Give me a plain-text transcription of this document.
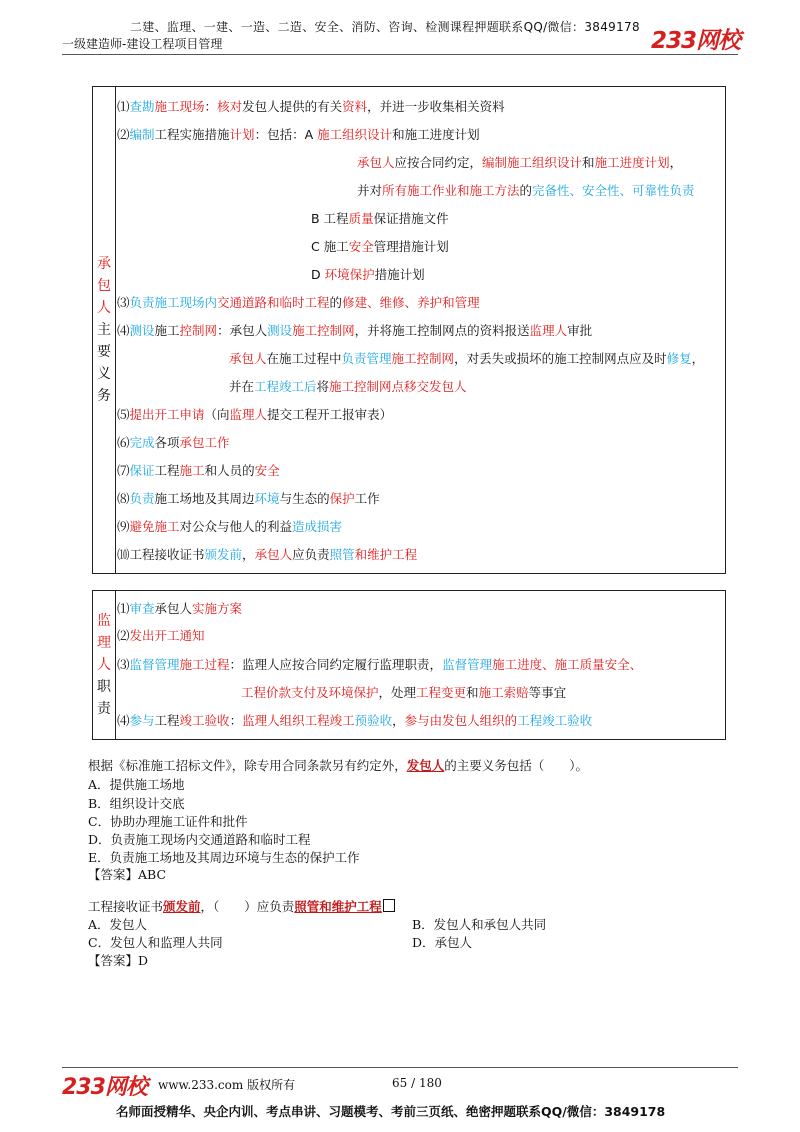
二建、监理、一建、一造、二造、安全、消防、咨询、检测课程押题联系QQ/微信：3849178
一级建造师-建设工程项目管理	233网校
承
包
人
主
要
义
务
⑴查勘施工现场：核对发包人提供的有关资料，并进一步收集相关资料
⑵编制工程实施措施计划：包括：A 施工组织设计和施工进度计划
承包人应按合同约定，编制施工组织设计和施工进度计划，
并对所有施工作业和施工方法的完备性、安全性、可靠性负责
B 工程质量保证措施文件
C 施工安全管理措施计划
D 环境保护措施计划
⑶负责施工现场内交通道路和临时工程的修建、维修、养护和管理
⑷测设施工控制网：承包人测设施工控制网，并将施工控制网点的资料报送监理人审批
承包人在施工过程中负责管理施工控制网，对丢失或损坏的施工控制网点应及时修复，
并在工程竣工后将施工控制网点移交发包人
⑸提出开工申请（向监理人提交工程开工报审表）
⑹完成各项承包工作
⑺保证工程施工和人员的安全
⑻负责施工场地及其周边环境与生态的保护工作
⑼避免施工对公众与他人的利益造成损害
⑽工程接收证书颁发前，承包人应负责照管和维护工程
监
理
人
职
责
⑴审查承包人实施方案
⑵发出开工通知
⑶监督管理施工过程：监理人应按合同约定履行监理职责，监督管理施工进度、施工质量安全、
工程价款支付及环境保护，处理工程变更和施工索赔等事宜
⑷参与工程竣工验收：监理人组织工程竣工预验收，参与由发包人组织的工程竣工验收
根据《标准施工招标文件》，除专用合同条款另有约定外，发包人的主要义务包括（　　）。
A．提供施工场地
B．组织设计交底
C．协助办理施工证件和批件
D．负责施工现场内交通道路和临时工程
E．负责施工场地及其周边环境与生态的保护工作
【答案】ABC
工程接收证书颁发前，（　　）应负责照管和维护工程
A．发包人	B．发包人和承包人共同
C．发包人和监理人共同	D．承包人
【答案】D
233网校 www.233.com 版权所有	65 / 180
名师面授精华、央企内训、考点串讲、习题模考、考前三页纸、绝密押题联系QQ/微信：3849178
